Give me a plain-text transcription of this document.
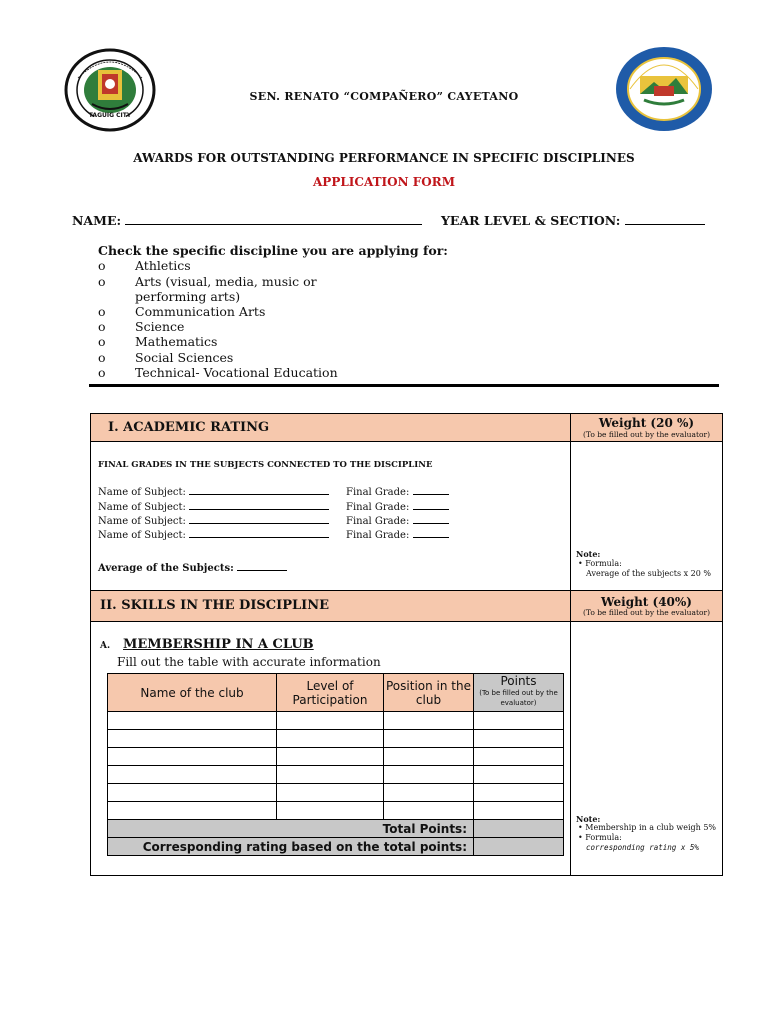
TAGUIG CITY	2005
SEN. RENATO “COMPAÑERO” CAYETANO
AWARDS FOR OUTSTANDING PERFORMANCE IN SPECIFIC DISCIPLINES
APPLICATION FORM
NAME:	YEAR LEVEL & SECTION:
Check the specific discipline you are applying for:
o Athletics
o Arts (visual, media, music or
performing arts)
o Communication Arts
o Science
o Mathematics
o Social Sciences
o Technical- Vocational Education
I. ACADEMIC RATING	Weight (20 %)
(To be filled out by the evaluator)
FINAL GRADES IN THE SUBJECTS CONNECTED TO THE DISCIPLINE
Name of Subject:	Final Grade:
Name of Subject:	Final Grade:
Name of Subject:	Final Grade:
Name of Subject:	Final Grade:
Average of the Subjects:
Note:
• Formula:
Average of the subjects x 20 %
II. SKILLS IN THE DISCIPLINE	Weight (40%)
(To be filled out by the evaluator)
A. MEMBERSHIP IN A CLUB
Fill out the table with accurate information
Name of the club	Level of Participation	Position in the club	Points
(To be filled out by the evaluator)

Total Points:			
Corresponding rating based on the total points:			
Note:
• Membership in a club weigh 5%
• Formula:
corresponding rating x 5%
